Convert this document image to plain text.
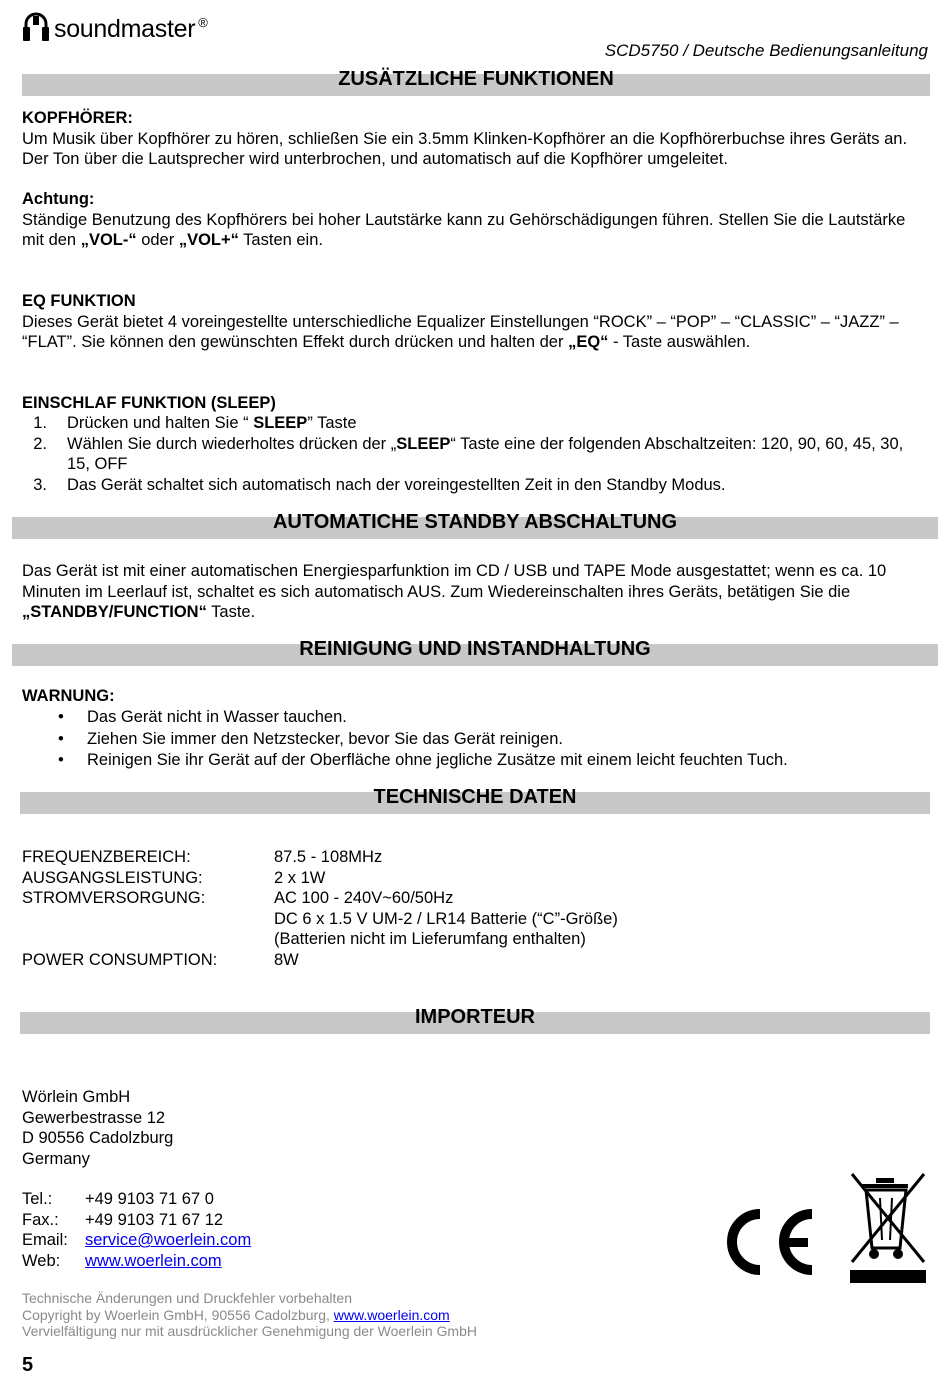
soundmaster ®
SCD5750 / Deutsche Bedienungsanleitung
ZUSÄTZLICHE FUNKTIONEN
KOPFHÖRER:
Um Musik über Kopfhörer zu hören, schließen Sie ein 3.5mm Klinken-Kopfhörer an die Kopfhörerbuchse ihres Geräts an. Der Ton über die Lautsprecher wird unterbrochen, und automatisch auf die Kopfhörer umgeleitet.
Achtung:
Ständige Benutzung des Kopfhörers bei hoher Lautstärke kann zu Gehörschädigungen führen. Stellen Sie die Lautstärke mit den „VOL-“ oder „VOL+“ Tasten ein.
EQ FUNKTION
Dieses Gerät bietet 4 voreingestellte unterschiedliche Equalizer Einstellungen “ROCK” – “POP” – “CLASSIC” – “JAZZ” – “FLAT”. Sie können den gewünschten Effekt durch drücken und halten der „EQ“ - Taste auswählen.
EINSCHLAF FUNKTION (SLEEP)
1.	Drücken und halten Sie “ SLEEP” Taste
2.	Wählen Sie durch wiederholtes drücken der „SLEEP“ Taste eine der folgenden Abschaltzeiten: 120, 90, 60, 45, 30, 15, OFF
3.	Das Gerät schaltet sich automatisch nach der voreingestellten Zeit in den Standby Modus.
AUTOMATICHE STANDBY ABSCHALTUNG
Das Gerät ist mit einer automatischen Energiesparfunktion im CD / USB und TAPE Mode ausgestattet; wenn es ca. 10 Minuten im Leerlauf ist, schaltet es sich automatisch AUS. Zum Wiedereinschalten ihres Geräts, betätigen Sie die „STANDBY/FUNCTION“ Taste.
REINIGUNG UND INSTANDHALTUNG
WARNUNG:
•	Das Gerät nicht in Wasser tauchen.
•	Ziehen Sie immer den Netzstecker, bevor Sie das Gerät reinigen.
•	Reinigen Sie ihr Gerät auf der Oberfläche ohne jegliche Zusätze mit einem leicht feuchten Tuch.
TECHNISCHE DATEN
FREQUENZBEREICH:	87.5 - 108MHz
AUSGANGSLEISTUNG:	2 x 1W
STROMVERSORGUNG:	AC 100 - 240V~60/50Hz
DC 6 x 1.5 V UM-2 / LR14 Batterie (“C”-Größe)
(Batterien nicht im Lieferumfang enthalten)
POWER CONSUMPTION:	8W
IMPORTEUR
Wörlein GmbH
Gewerbestrasse 12
D 90556 Cadolzburg
Germany
Tel.:	+49 9103 71 67 0
Fax.:	+49 9103 71 67 12
Email:	service@woerlein.com
Web:	www.woerlein.com
Technische Änderungen und Druckfehler vorbehalten
Copyright by Woerlein GmbH, 90556 Cadolzburg, www.woerlein.com
Vervielfältigung nur mit ausdrücklicher Genehmigung der Woerlein GmbH
5
